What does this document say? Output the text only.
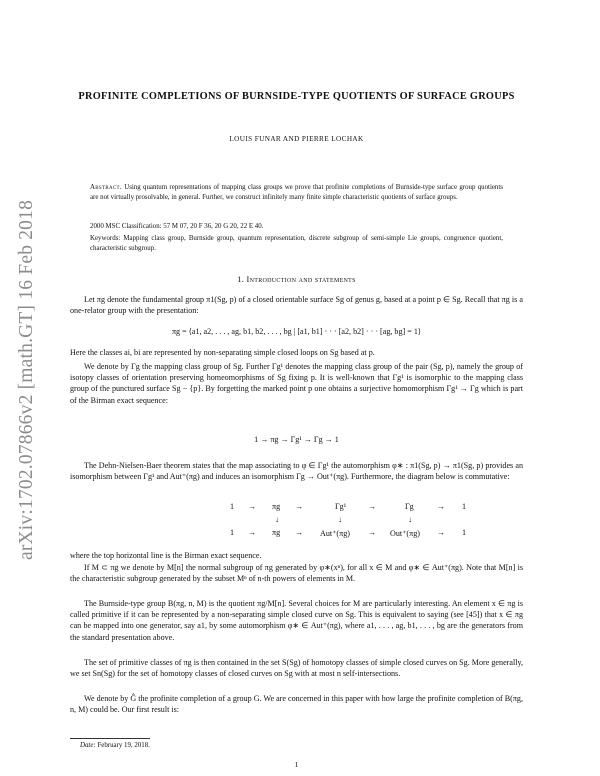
arXiv:1702.07866v2 [math.GT] 16 Feb 2018
PROFINITE COMPLETIONS OF BURNSIDE-TYPE QUOTIENTS OF SURFACE GROUPS
LOUIS FUNAR AND PIERRE LOCHAK
Abstract. Using quantum representations of mapping class groups we prove that profinite completions of Burnside-type surface group quotients are not virtually prosolvable, in general. Further, we construct infinitely many finite simple characteristic quotients of surface groups.
2000 MSC Classification: 57 M 07, 20 F 36, 20 G 20, 22 E 40.
Keywords: Mapping class group, Burnside group, quantum representation, discrete subgroup of semi-simple Lie groups, congruence quotient, characteristic subgroup.
1. Introduction and statements
Let πg denote the fundamental group π1(Sg, p) of a closed orientable surface Sg of genus g, based at a point p ∈ Sg. Recall that πg is a one-relator group with the presentation:
πg = ⟨a1, a2, . . . , ag, b1, b2, . . . , bg | [a1, b1] · · · [a2, b2] · · · [ag, bg] = 1⟩
Here the classes ai, bi are represented by non-separating simple closed loops on Sg based at p.
We denote by Γg the mapping class group of Sg. Further Γg¹ denotes the mapping class group of the pair (Sg, p), namely the group of isotopy classes of orientation preserving homeomorphisms of Sg fixing p. It is well-known that Γg¹ is isomorphic to the mapping class group of the punctured surface Sg − {p}. By forgetting the marked point p one obtains a surjective homomorphism Γg¹ → Γg which is part of the Birman exact sequence:
1 → πg → Γg¹ → Γg → 1
The Dehn-Nielsen-Baer theorem states that the map associating to φ ∈ Γg¹ the automorphism φ∗ : π1(Sg, p) → π1(Sg, p) provides an isomorphism between Γg¹ and Aut⁺(πg) and induces an isomorphism Γg → Out⁺(πg). Furthermore, the diagram below is commutative:
1 → πg →	Γg¹	→	Γg	→ 1
↓	↓	↓
1 → πg → Aut⁺(πg) → Out⁺(πg) → 1
where the top horizontal line is the Birman exact sequence.
If M ⊂ πg we denote by M[n] the normal subgroup of πg generated by φ∗(xⁿ), for all x ∈ M and φ∗ ∈ Aut⁺(πg). Note that M[n] is the characteristic subgroup generated by the subset Mⁿ of n-th powers of elements in M.
The Burnside-type group B(πg, n, M) is the quotient πg/M[n]. Several choices for M are particularly interesting. An element x ∈ πg is called primitive if it can be represented by a non-separating simple closed curve on Sg. This is equivalent to saying (see [45]) that x ∈ πg can be mapped into one generator, say a1, by some automorphism φ∗ ∈ Aut⁺(πg), where a1, . . . , ag, b1, . . . , bg are the generators from the standard presentation above.
The set of primitive classes of πg is then contained in the set S(Sg) of homotopy classes of simple closed curves on Sg. More generally, we set Sn(Sg) for the set of homotopy classes of closed curves on Sg with at most n self-intersections.
We denote by Ĝ the profinite completion of a group G. We are concerned in this paper with how large the profinite completion of B(πg, n, M) could be. Our first result is:
Date: February 19, 2018.
1
